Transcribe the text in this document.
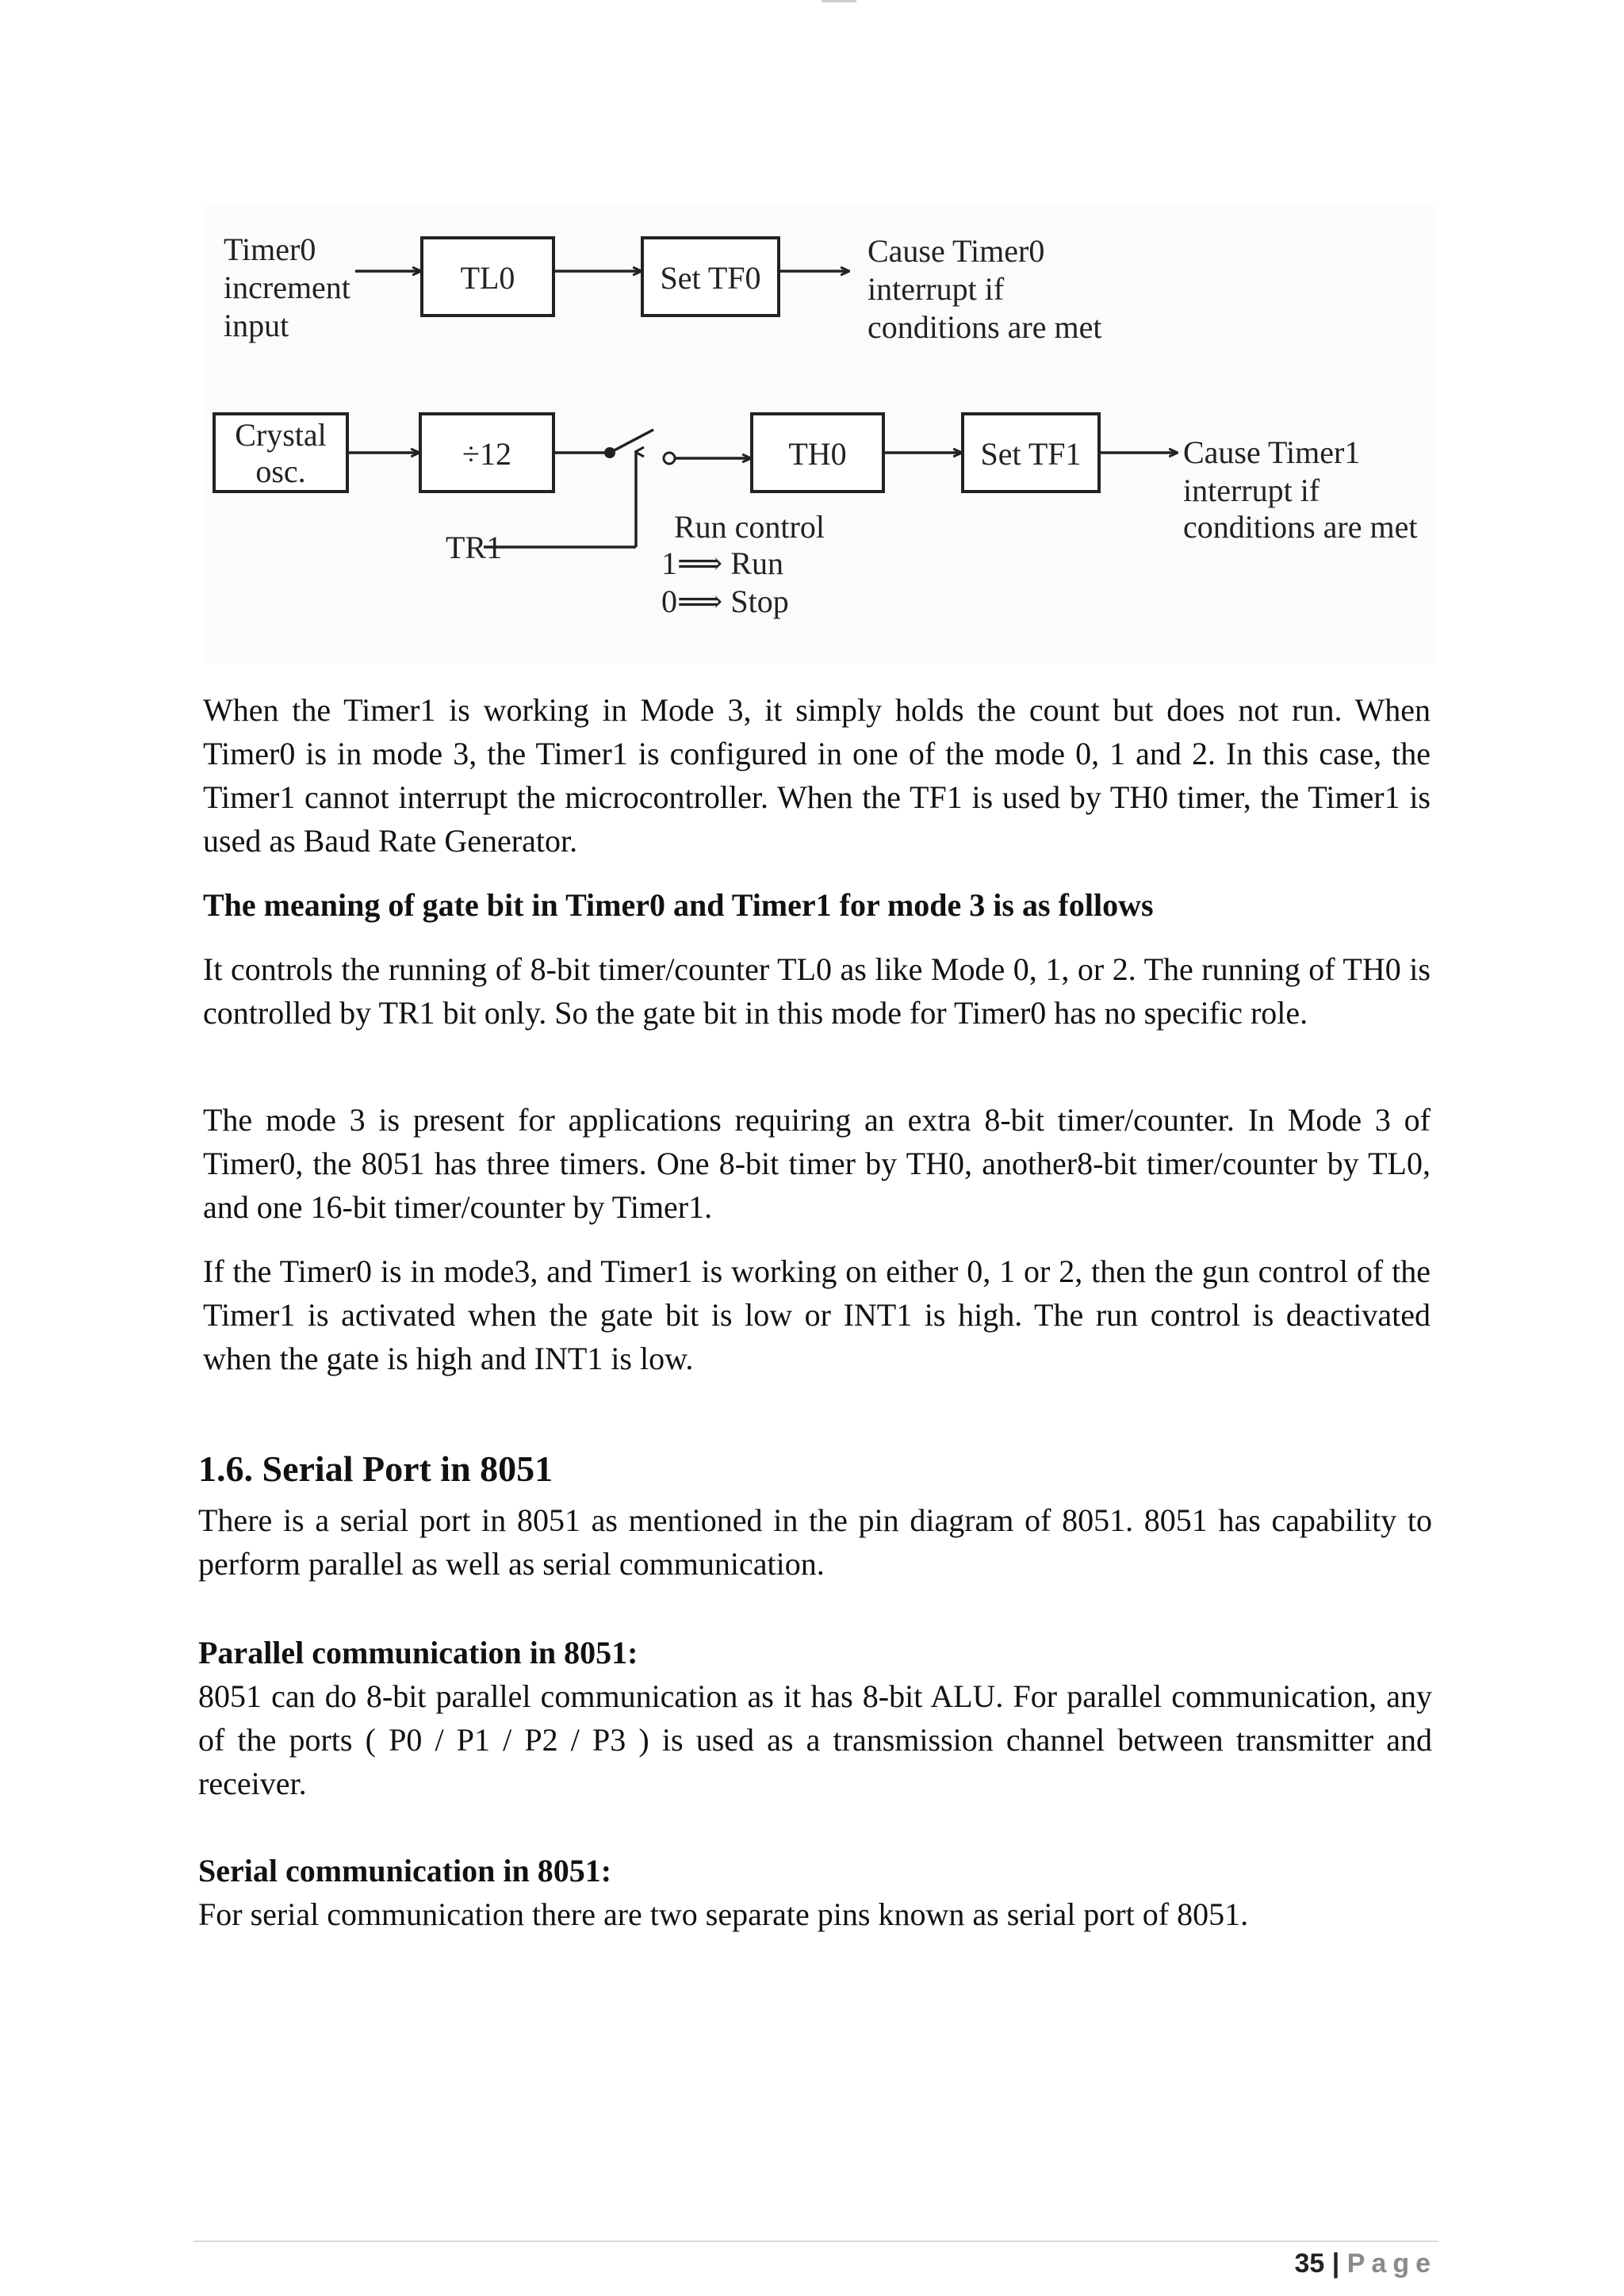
Timer0
increment
input
TL0	Set TF0
Cause Timer0
interrupt if
conditions are met
Crystal
osc.	÷12	TH0	Set TF1	Cause Timer1
interrupt if
conditions are met
TR1
Run control
1⟹ Run
0⟹ Stop

When the Timer1 is working in Mode 3, it simply holds the count but does not run. When Timer0 is in mode 3, the Timer1 is configured in one of the mode 0, 1 and 2. In this case, the Timer1 cannot interrupt the microcontroller. When the TF1 is used by TH0 timer, the Timer1 is used as Baud Rate Generator.

The meaning of gate bit in Timer0 and Timer1 for mode 3 is as follows

It controls the running of 8-bit timer/counter TL0 as like Mode 0, 1, or 2. The running of TH0 is controlled by TR1 bit only. So the gate bit in this mode for Timer0 has no specific role.

The mode 3 is present for applications requiring an extra 8-bit timer/counter. In Mode 3 of Timer0, the 8051 has three timers. One 8-bit timer by TH0, another8-bit timer/counter by TL0, and one 16-bit timer/counter by Timer1.

If the Timer0 is in mode3, and Timer1 is working on either 0, 1 or 2, then the gun control of the Timer1 is activated when the gate bit is low or INT1 is high. The run control is deactivated when the gate is high and INT1 is low.

1.6. Serial Port in 8051

There is a serial port in 8051 as mentioned in the pin diagram of 8051. 8051 has capability to perform parallel as well as serial communication.

Parallel communication in 8051:

8051 can do 8-bit parallel communication as it has 8-bit ALU. For parallel communication, any of the ports ( P0 / P1 / P2 / P3 ) is used as a transmission channel between transmitter and receiver.

Serial communication in 8051:

For serial communication there are two separate pins known as serial port of 8051.

35 | Page
